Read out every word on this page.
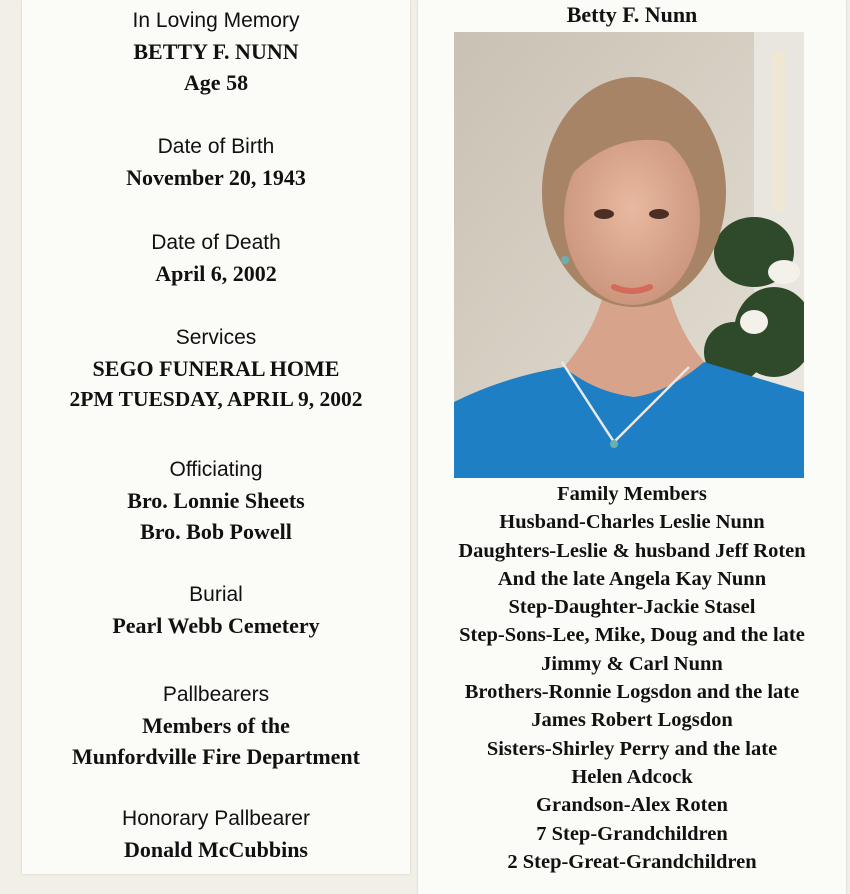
In Loving Memory
BETTY F. NUNN
Age 58
Date of Birth
November 20, 1943
Date of Death
April 6, 2002
Services
SEGO FUNERAL HOME
2PM TUESDAY, APRIL 9, 2002
Officiating
Bro. Lonnie Sheets
Bro. Bob Powell
Burial
Pearl Webb Cemetery
Pallbearers
Members of the
Munfordville Fire Department
Honorary Pallbearer
Donald McCubbins
Betty F. Nunn
Family Members
Husband-Charles Leslie Nunn
Daughters-Leslie & husband Jeff Roten
And the late Angela Kay Nunn
Step-Daughter-Jackie Stasel
Step-Sons-Lee, Mike, Doug and the late
Jimmy & Carl Nunn
Brothers-Ronnie Logsdon and the late
James Robert Logsdon
Sisters-Shirley Perry and the late
Helen Adcock
Grandson-Alex Roten
7 Step-Grandchildren
2 Step-Great-Grandchildren
